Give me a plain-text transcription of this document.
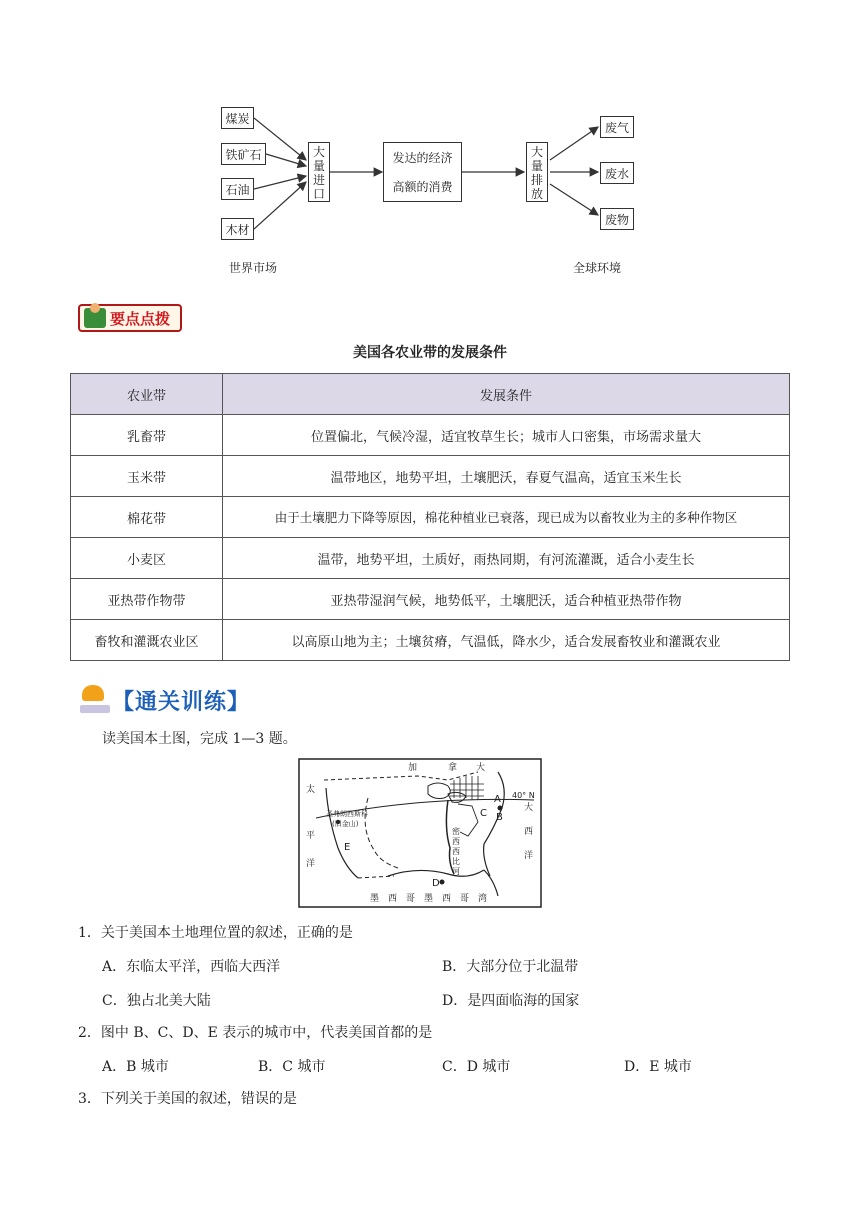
煤炭
铁矿石
石油
木材
大
量
进
口
发达的经济
高额的消费
大
量
排
放
废气
废水
废物
世界市场	全球环境
要点点拨
美国各农业带的发展条件
农业带	发展条件
乳畜带	位置偏北，气候冷湿，适宜牧草生长；城市人口密集，市场需求量大
玉米带	温带地区，地势平坦，土壤肥沃，春夏气温高，适宜玉米生长
棉花带	由于土壤肥力下降等原因，棉花种植业已衰落，现已成为以畜牧业为主的多种作物区
小麦区	温带，地势平坦，土质好，雨热同期，有河流灌溉，适合小麦生长
亚热带作物带	亚热带湿润气候，地势低平，土壤肥沃，适合种植亚热带作物
畜牧和灌溉农业区	以高原山地为主；土壤贫瘠，气温低，降水少，适合发展畜牧业和灌溉农业
【通关训练】
读美国本土图，完成 1—3 题。
加	拿 大
太
平
洋
大
西
洋
墨 西 哥 墨 西 哥 湾
密
西
西
比
河
40° N
圣弗朗西斯科
(旧金山)
A
B
C
D
E
1．关于美国本土地理位置的叙述，正确的是
A．东临太平洋，西临大西洋	B．大部分位于北温带
C．独占北美大陆	D．是四面临海的国家
2．图中 B、C、D、E 表示的城市中，代表美国首都的是
A．B 城市	B．C 城市	C．D 城市	D．E 城市
3．下列关于美国的叙述，错误的是
